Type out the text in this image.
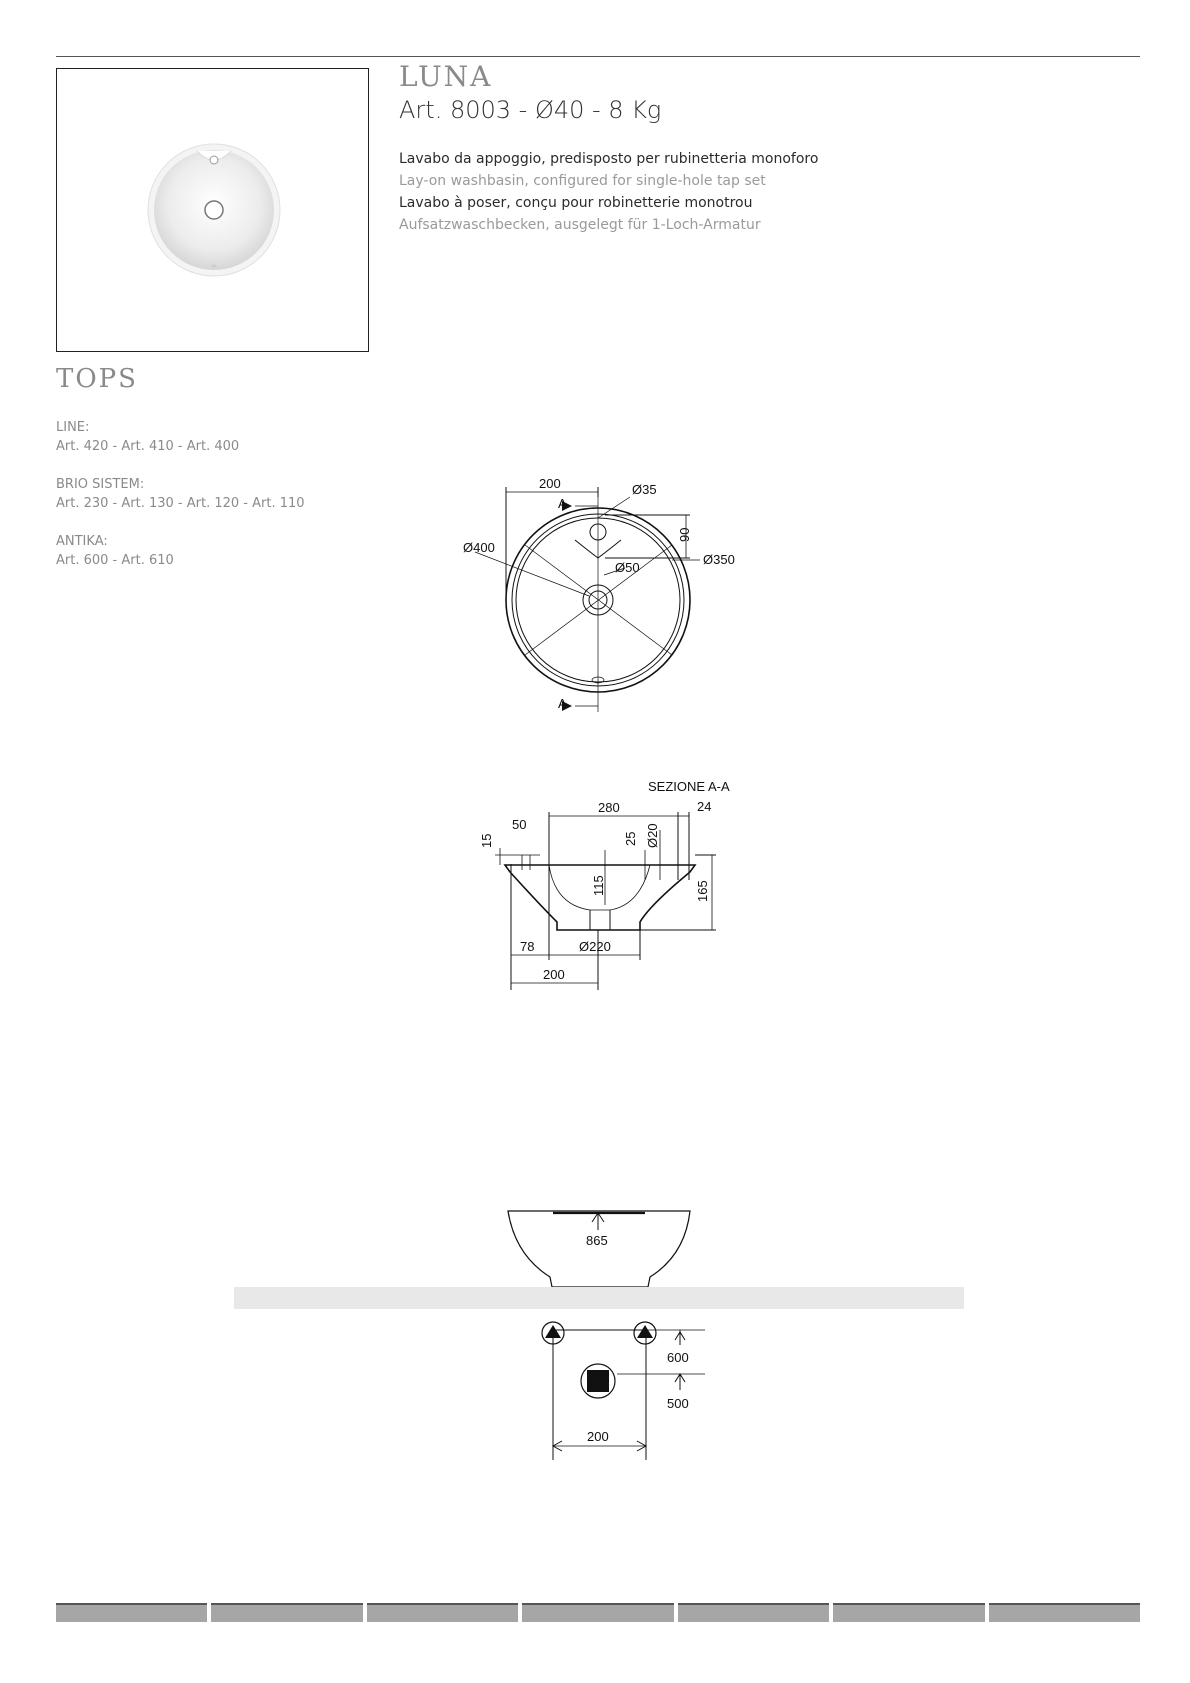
LUNA
Art. 8003 - Ø40 - 8 Kg
Lavabo da appoggio, predisposto per rubinetteria monoforo
Lay-on washbasin, configured for single-hole tap set
Lavabo à poser, conçu pour robinetterie monotrou
Aufsatzwaschbecken, ausgelegt für 1-Loch-Armatur
TOPS
LINE:
Art. 420 - Art. 410 - Art. 400
BRIO SISTEM:
Art. 230 - Art. 130 - Art. 120 - Art. 110
ANTIKA:
Art. 600 - Art. 610
200	Ø35
A
A
Ø400
Ø350
Ø50
90
SEZIONE A-A
280	24
50
15	25 Ø20
115	165
78	Ø220
200
865
600
500
200
